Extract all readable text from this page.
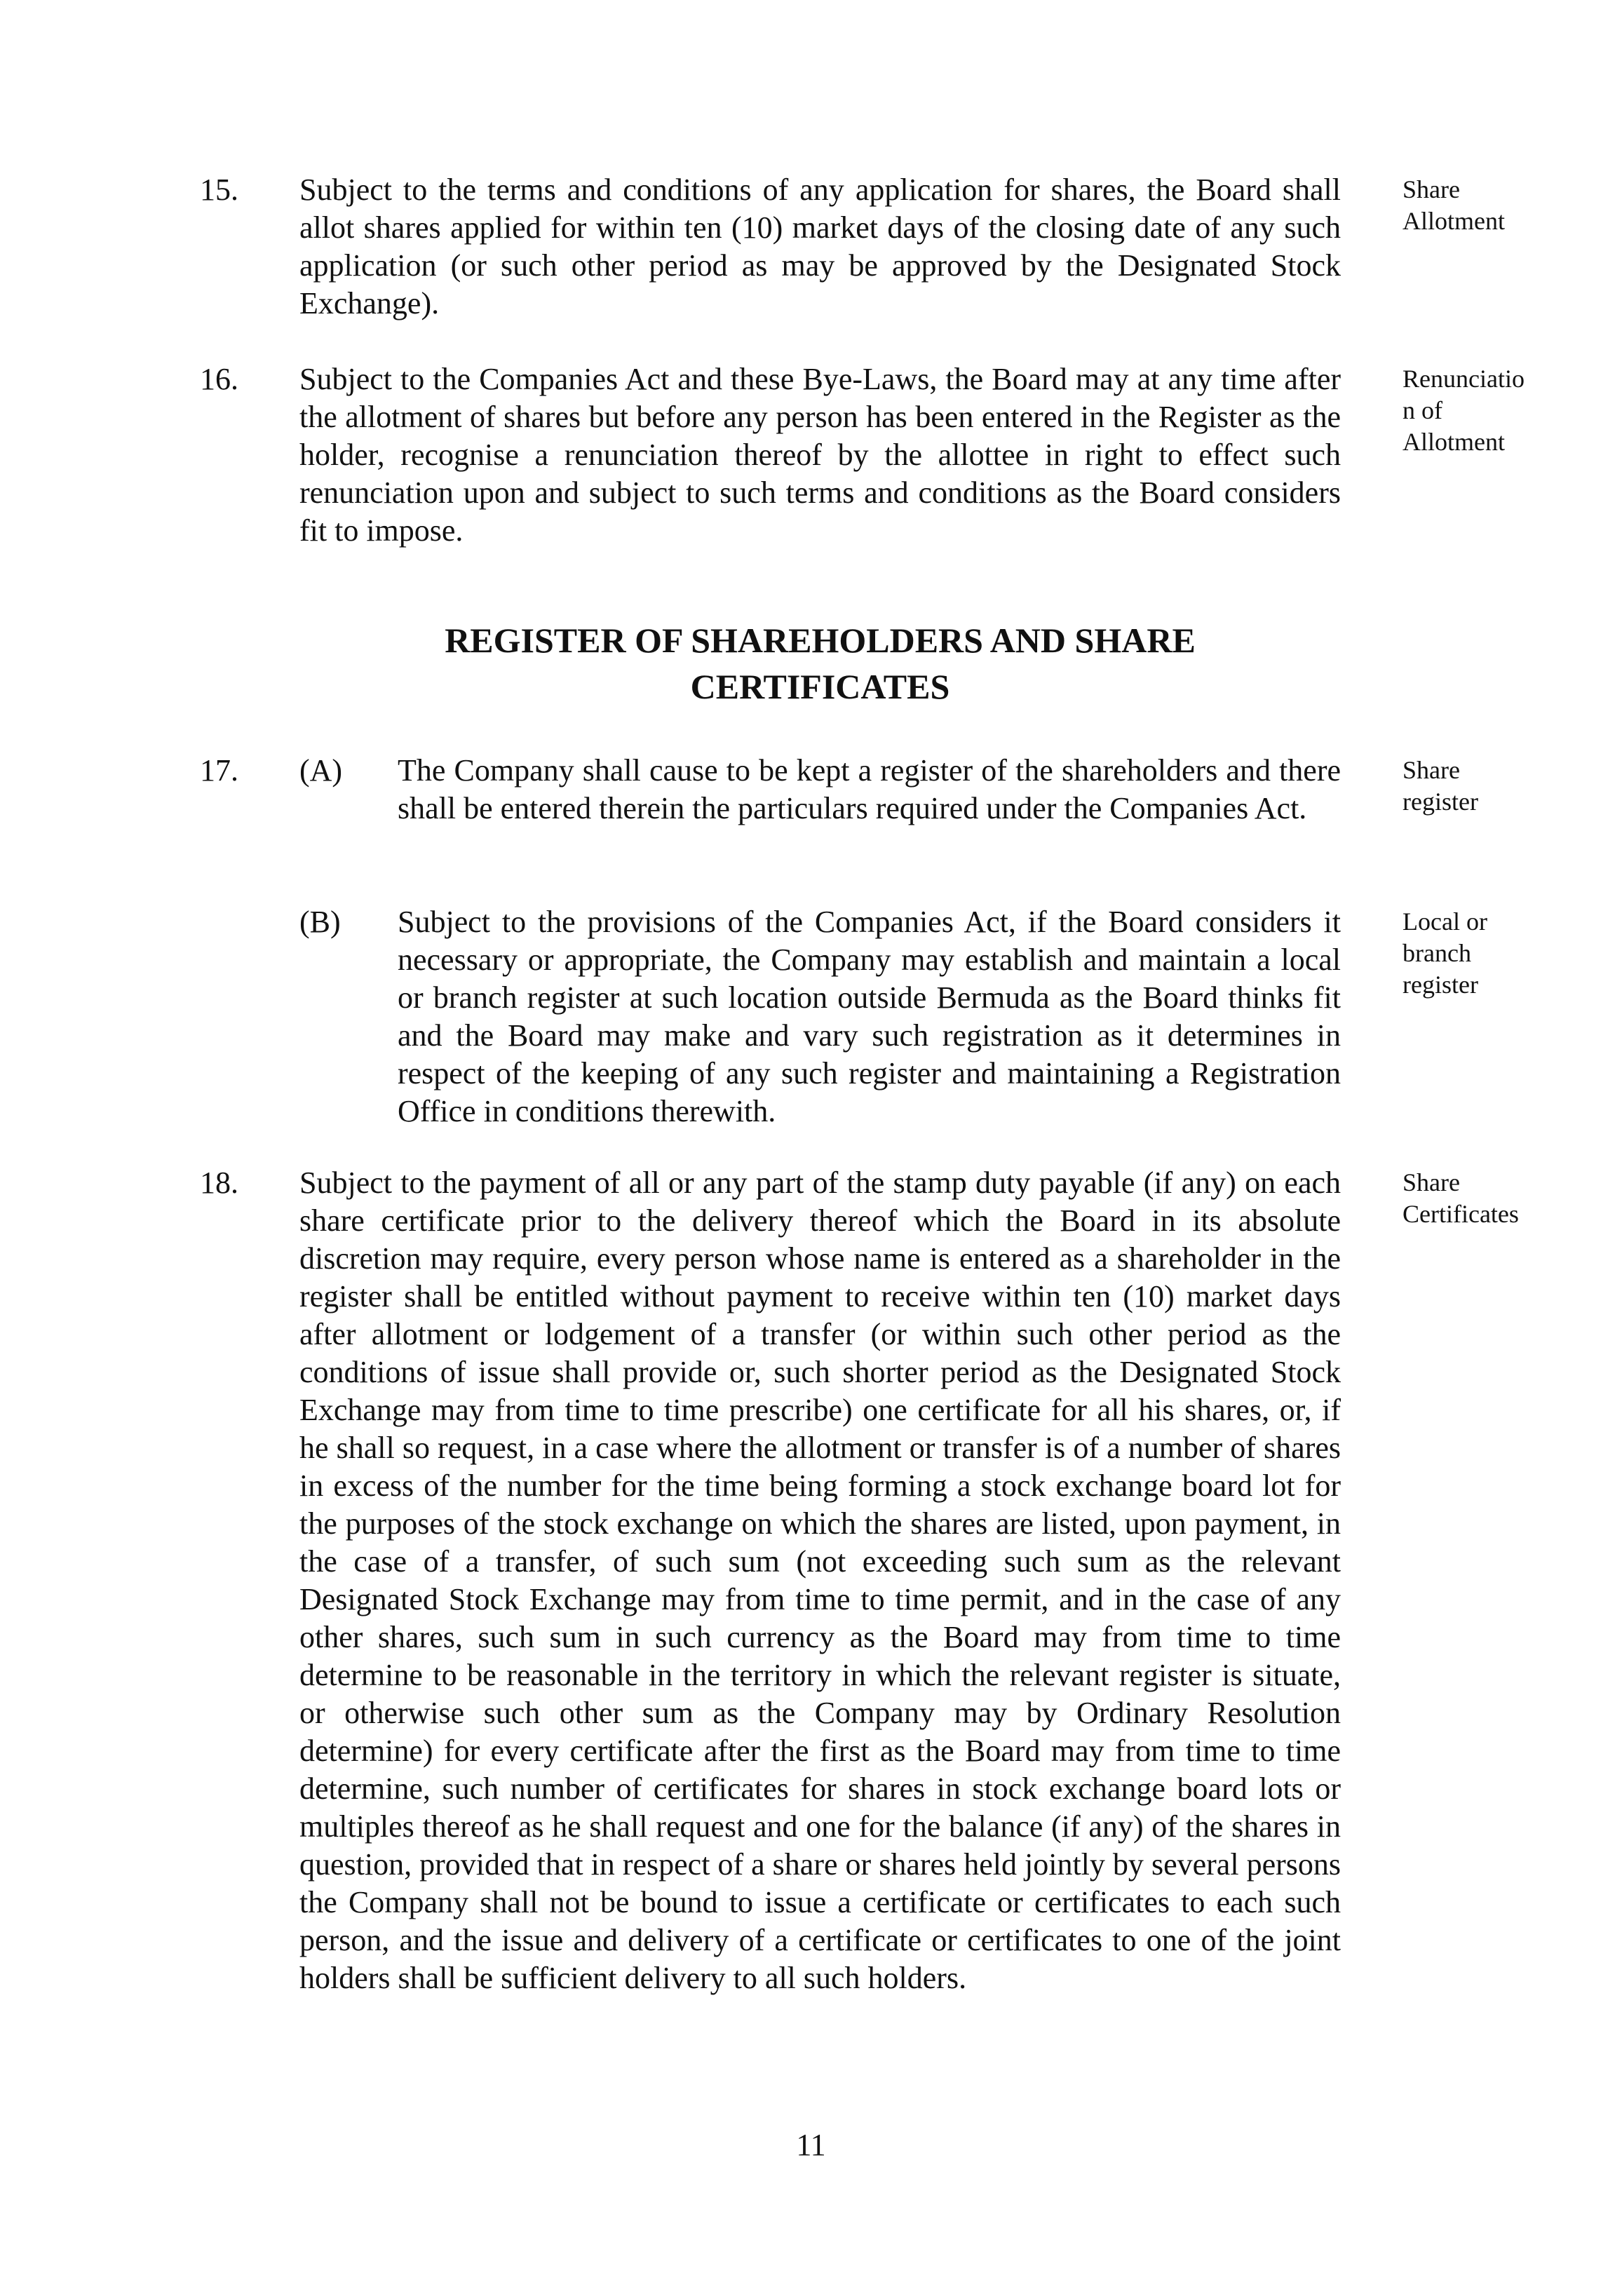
15. Subject to the terms and conditions of any application for shares, the Board shall allot shares applied for within ten (10) market days of the closing date of any such application (or such other period as may be approved by the Designated Stock Exchange).
Share
Allotment
16. Subject to the Companies Act and these Bye-Laws, the Board may at any time after the allotment of shares but before any person has been entered in the Register as the holder, recognise a renunciation thereof by the allottee in right to effect such renunciation upon and subject to such terms and conditions as the Board considers fit to impose.
Renunciatio
n of
Allotment
REGISTER OF SHAREHOLDERS AND SHARE
CERTIFICATES
17. (A) The Company shall cause to be kept a register of the shareholders and there shall be entered therein the particulars required under the Companies Act.
Share
register
(B) Subject to the provisions of the Companies Act, if the Board considers it necessary or appropriate, the Company may establish and maintain a local or branch register at such location outside Bermuda as the Board thinks fit and the Board may make and vary such registration as it determines in respect of the keeping of any such register and maintaining a Registration Office in conditions therewith.
Local or
branch
register
18. Subject to the payment of all or any part of the stamp duty payable (if any) on each share certificate prior to the delivery thereof which the Board in its absolute discretion may require, every person whose name is entered as a shareholder in the register shall be entitled without payment to receive within ten (10) market days after allotment or lodgement of a transfer (or within such other period as the conditions of issue shall provide or, such shorter period as the Designated Stock Exchange may from time to time prescribe) one certificate for all his shares, or, if he shall so request, in a case where the allotment or transfer is of a number of shares in excess of the number for the time being forming a stock exchange board lot for the purposes of the stock exchange on which the shares are listed, upon payment, in the case of a transfer, of such sum (not exceeding such sum as the relevant Designated Stock Exchange may from time to time permit, and in the case of any other shares, such sum in such currency as the Board may from time to time determine to be reasonable in the territory in which the relevant register is situate, or otherwise such other sum as the Company may by Ordinary Resolution determine) for every certificate after the first as the Board may from time to time determine, such number of certificates for shares in stock exchange board lots or multiples thereof as he shall request and one for the balance (if any) of the shares in question, provided that in respect of a share or shares held jointly by several persons the Company shall not be bound to issue a certificate or certificates to each such person, and the issue and delivery of a certificate or certificates to one of the joint holders shall be sufficient delivery to all such holders.
Share
Certificates
11
